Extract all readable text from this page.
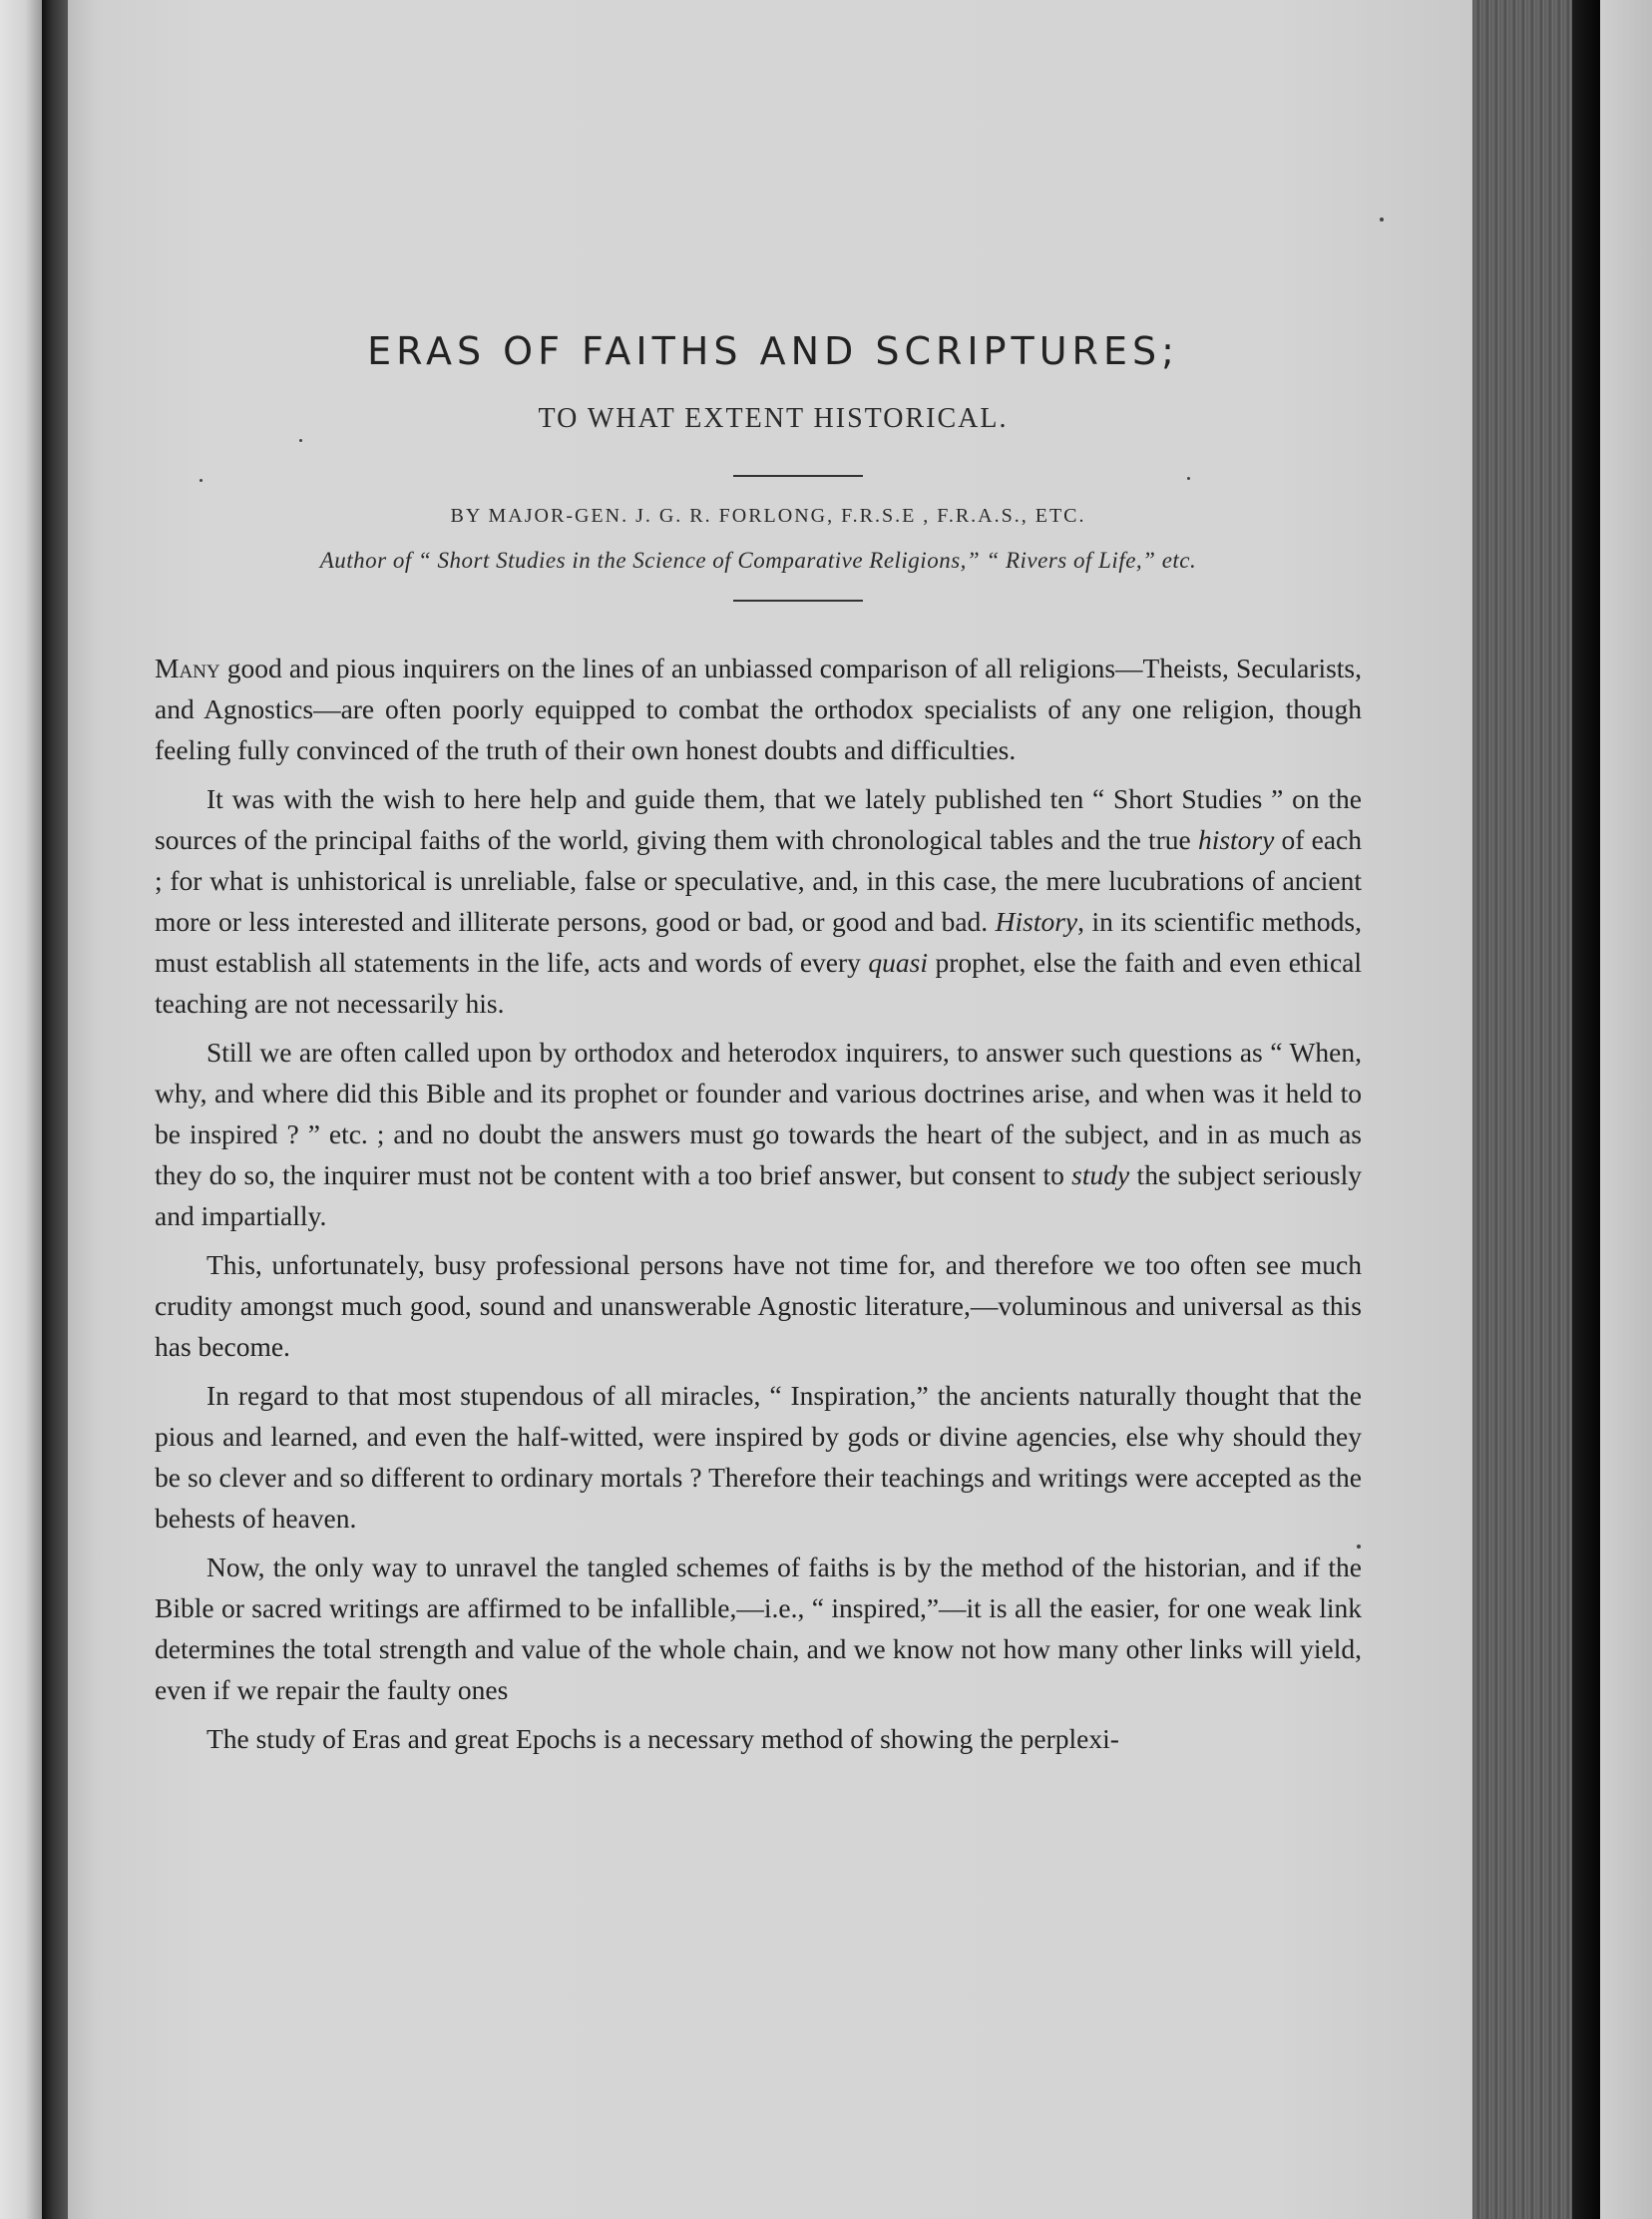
ERAS OF FAITHS AND SCRIPTURES;
TO WHAT EXTENT HISTORICAL.
BY MAJOR-GEN. J. G. R. FORLONG, F.R.S.E , F.R.A.S., ETC.
Author of “ Short Studies in the Science of Comparative Religions,” “ Rivers of Life,” etc.

Many good and pious inquirers on the lines of an unbiassed comparison of all religions—Theists, Secularists, and Agnostics—are often poorly equipped to combat the orthodox specialists of any one religion, though feeling fully convinced of the truth of their own honest doubts and difficulties.

It was with the wish to here help and guide them, that we lately published ten “ Short Studies ” on the sources of the principal faiths of the world, giving them with chronological tables and the true history of each ; for what is unhistorical is unreliable, false or speculative, and, in this case, the mere lucubrations of ancient more or less interested and illiterate persons, good or bad, or good and bad. History, in its scientific methods, must establish all statements in the life, acts and words of every quasi prophet, else the faith and even ethical teaching are not necessarily his.

Still we are often called upon by orthodox and heterodox inquirers, to answer such questions as “ When, why, and where did this Bible and its prophet or founder and various doctrines arise, and when was it held to be inspired ? ” etc. ; and no doubt the answers must go towards the heart of the subject, and in as much as they do so, the inquirer must not be content with a too brief answer, but consent to study the subject seriously and impartially.

This, unfortunately, busy professional persons have not time for, and therefore we too often see much crudity amongst much good, sound and unanswerable Agnostic literature,—voluminous and universal as this has become.

In regard to that most stupendous of all miracles, “ Inspiration,” the ancients naturally thought that the pious and learned, and even the half-witted, were inspired by gods or divine agencies, else why should they be so clever and so different to ordinary mortals ? Therefore their teachings and writings were accepted as the behests of heaven.

Now, the only way to unravel the tangled schemes of faiths is by the method of the historian, and if the Bible or sacred writings are affirmed to be infallible,—i.e., “ inspired,”—it is all the easier, for one weak link determines the total strength and value of the whole chain, and we know not how many other links will yield, even if we repair the faulty ones

The study of Eras and great Epochs is a necessary method of showing the perplexi-
